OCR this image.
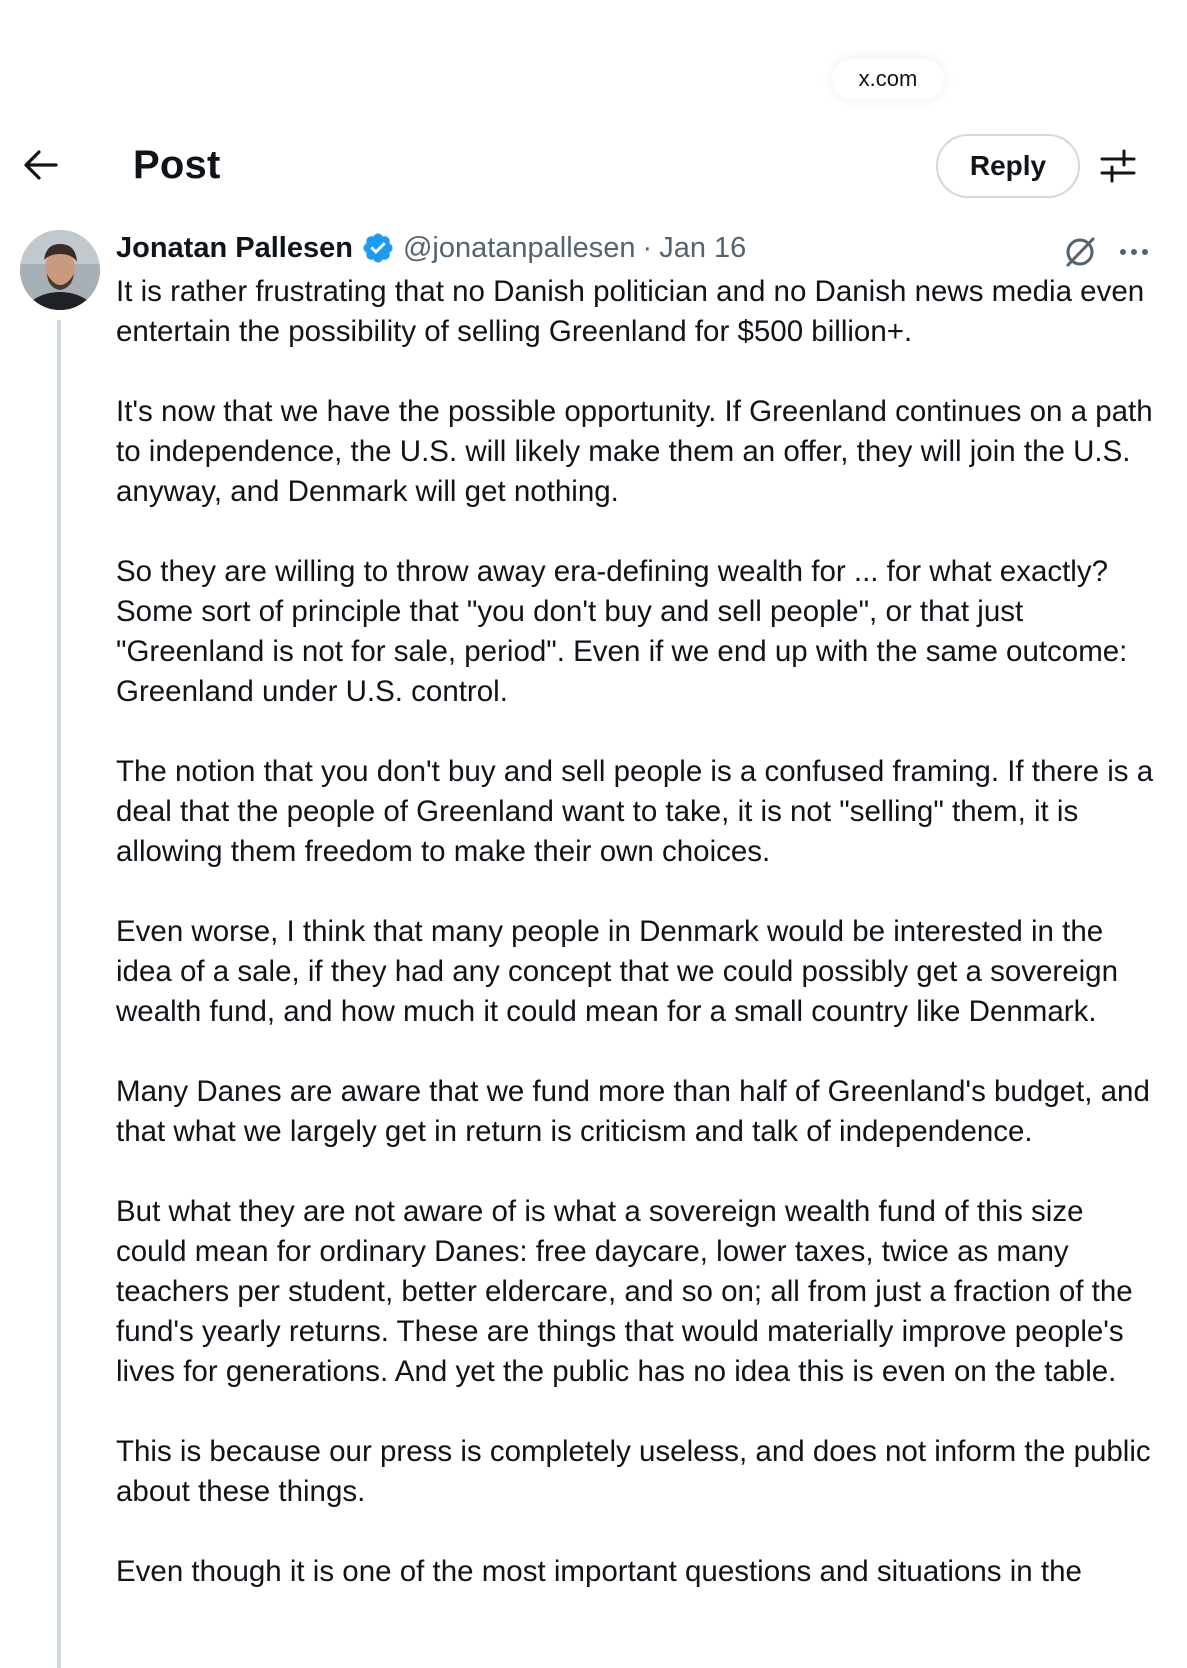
x.com
Post	Reply
Jonatan Pallesen @jonatanpallesen · Jan 16

It is rather frustrating that no Danish politician and no Danish news media even entertain the possibility of selling Greenland for $500 billion+.

It's now that we have the possible opportunity. If Greenland continues on a path to independence, the U.S. will likely make them an offer, they will join the U.S. anyway, and Denmark will get nothing.

So they are willing to throw away era-defining wealth for ... for what exactly? Some sort of principle that "you don't buy and sell people", or that just "Greenland is not for sale, period". Even if we end up with the same outcome: Greenland under U.S. control.

The notion that you don't buy and sell people is a confused framing. If there is a deal that the people of Greenland want to take, it is not "selling" them, it is allowing them freedom to make their own choices.

Even worse, I think that many people in Denmark would be interested in the idea of a sale, if they had any concept that we could possibly get a sovereign wealth fund, and how much it could mean for a small country like Denmark.

Many Danes are aware that we fund more than half of Greenland's budget, and that what we largely get in return is criticism and talk of independence.

But what they are not aware of is what a sovereign wealth fund of this size could mean for ordinary Danes: free daycare, lower taxes, twice as many teachers per student, better eldercare, and so on; all from just a fraction of the fund's yearly returns. These are things that would materially improve people's lives for generations. And yet the public has no idea this is even on the table.

This is because our press is completely useless, and does not inform the public about these things.

Even though it is one of the most important questions and situations in the
